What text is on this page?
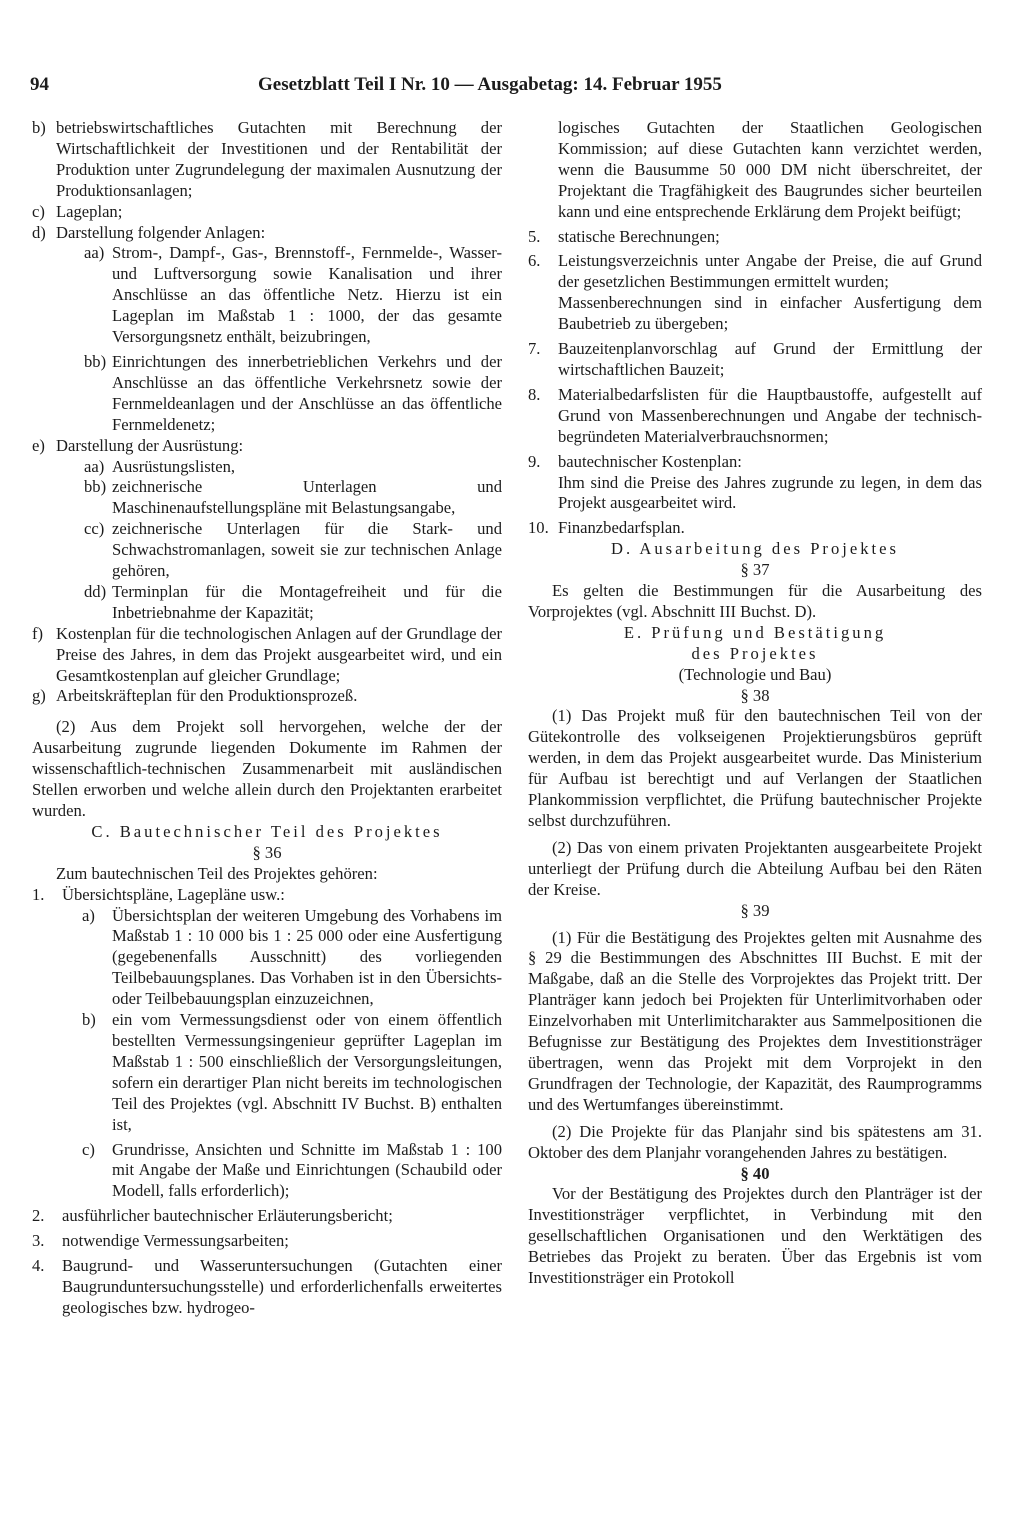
94	Gesetzblatt Teil I Nr. 10 — Ausgabetag: 14. Februar 1955

b) betriebswirtschaftliches Gutachten mit Berechnung der Wirtschaftlichkeit der Investitionen und der Rentabilität der Produktion unter Zugrundelegung der maximalen Ausnutzung der Produktionsanlagen;

c) Lageplan;

d) Darstellung folgender Anlagen:

aa) Strom-, Dampf-, Gas-, Brennstoff-, Fernmelde-, Wasser- und Luftversorgung sowie Kanalisation und ihrer Anschlüsse an das öffentliche Netz. Hierzu ist ein Lageplan im Maßstab 1 : 1000, der das gesamte Versorgungsnetz enthält, beizubringen,

bb) Einrichtungen des innerbetrieblichen Verkehrs und der Anschlüsse an das öffentliche Verkehrsnetz sowie der Fernmeldeanlagen und der Anschlüsse an das öffentliche Fernmeldenetz;

e) Darstellung der Ausrüstung:

aa) Ausrüstungslisten,

bb) zeichnerische Unterlagen und Maschinenaufstellungspläne mit Belastungsangabe,

cc) zeichnerische Unterlagen für die Stark- und Schwachstromanlagen, soweit sie zur technischen Anlage gehören,

dd) Terminplan für die Montagefreiheit und für die Inbetriebnahme der Kapazität;

f) Kostenplan für die technologischen Anlagen auf der Grundlage der Preise des Jahres, in dem das Projekt ausgearbeitet wird, und ein Gesamtkostenplan auf gleicher Grundlage;

g) Arbeitskräfteplan für den Produktionsprozeß.

(2) Aus dem Projekt soll hervorgehen, welche der der Ausarbeitung zugrunde liegenden Dokumente im Rahmen der wissenschaftlich-technischen Zusammenarbeit mit ausländischen Stellen erworben und welche allein durch den Projektanten erarbeitet wurden.

C. Bautechnischer Teil des Projektes

§ 36

Zum bautechnischen Teil des Projektes gehören:

1. Übersichtspläne, Lagepläne usw.:

a) Übersichtsplan der weiteren Umgebung des Vorhabens im Maßstab 1 : 10 000 bis 1 : 25 000 oder eine Ausfertigung (gegebenenfalls Ausschnitt) des vorliegenden Teilbebauungsplanes. Das Vorhaben ist in den Übersichts- oder Teilbebauungsplan einzuzeichnen,

b) ein vom Vermessungsdienst oder von einem öffentlich bestellten Vermessungsingenieur geprüfter Lageplan im Maßstab 1 : 500 einschließlich der Versorgungsleitungen, sofern ein derartiger Plan nicht bereits im technologischen Teil des Projektes (vgl. Abschnitt IV Buchst. B) enthalten ist,

c) Grundrisse, Ansichten und Schnitte im Maßstab 1 : 100 mit Angabe der Maße und Einrichtungen (Schaubild oder Modell, falls erforderlich);

2. ausführlicher bautechnischer Erläuterungsbericht;

3. notwendige Vermessungsarbeiten;

4. Baugrund- und Wasseruntersuchungen (Gutachten einer Baugrunduntersuchungsstelle) und erforderlichenfalls erweitertes geologisches bzw. hydrogeo-

logisches Gutachten der Staatlichen Geologischen Kommission; auf diese Gutachten kann verzichtet werden, wenn die Bausumme 50 000 DM nicht überschreitet, der Projektant die Tragfähigkeit des Baugrundes sicher beurteilen kann und eine entsprechende Erklärung dem Projekt beifügt;

5. statische Berechnungen;

6. Leistungsverzeichnis unter Angabe der Preise, die auf Grund der gesetzlichen Bestimmungen ermittelt wurden;

Massenberechnungen sind in einfacher Ausfertigung dem Baubetrieb zu übergeben;

7. Bauzeitenplanvorschlag auf Grund der Ermittlung der wirtschaftlichen Bauzeit;

8. Materialbedarfslisten für die Hauptbaustoffe, aufgestellt auf Grund von Massenberechnungen und Angabe der technisch-begründeten Materialverbrauchsnormen;

9. bautechnischer Kostenplan:

Ihm sind die Preise des Jahres zugrunde zu legen, in dem das Projekt ausgearbeitet wird.

10. Finanzbedarfsplan.

D. Ausarbeitung des Projektes

§ 37

Es gelten die Bestimmungen für die Ausarbeitung des Vorprojektes (vgl. Abschnitt III Buchst. D).

E. Prüfung und Bestätigung

des Projektes

(Technologie und Bau)

§ 38

(1) Das Projekt muß für den bautechnischen Teil von der Gütekontrolle des volkseigenen Projektierungsbüros geprüft werden, in dem das Projekt ausgearbeitet wurde. Das Ministerium für Aufbau ist berechtigt und auf Verlangen der Staatlichen Plankommission verpflichtet, die Prüfung bautechnischer Projekte selbst durchzuführen.

(2) Das von einem privaten Projektanten ausgearbeitete Projekt unterliegt der Prüfung durch die Abteilung Aufbau bei den Räten der Kreise.

§ 39

(1) Für die Bestätigung des Projektes gelten mit Ausnahme des § 29 die Bestimmungen des Abschnittes III Buchst. E mit der Maßgabe, daß an die Stelle des Vorprojektes das Projekt tritt. Der Planträger kann jedoch bei Projekten für Unterlimitvorhaben oder Einzelvorhaben mit Unterlimitcharakter aus Sammelpositionen die Befugnisse zur Bestätigung des Projektes dem Investitionsträger übertragen, wenn das Projekt mit dem Vorprojekt in den Grundfragen der Technologie, der Kapazität, des Raumprogramms und des Wertumfanges übereinstimmt.

(2) Die Projekte für das Planjahr sind bis spätestens am 31. Oktober des dem Planjahr vorangehenden Jahres zu bestätigen.

§ 40

Vor der Bestätigung des Projektes durch den Planträger ist der Investitionsträger verpflichtet, in Verbindung mit den gesellschaftlichen Organisationen und den Werktätigen des Betriebes das Projekt zu beraten. Über das Ergebnis ist vom Investitionsträger ein Protokoll
